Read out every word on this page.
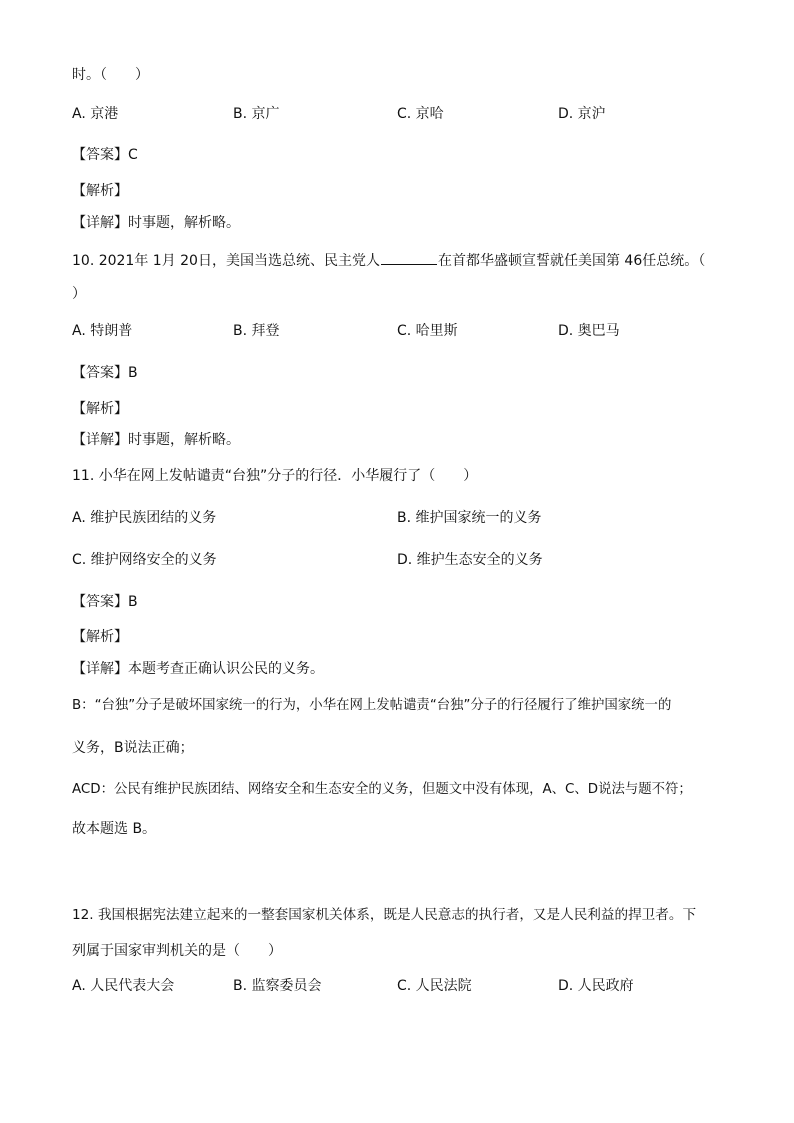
时。（　　）
A. 京港	B. 京广	C. 京哈	D. 京沪
【答案】C
【解析】
【详解】时事题，解析略。
10. 2021年 1月 20日，美国当选总统、民主党人	在首都华盛顿宣誓就任美国第 46任总统。（
）
A. 特朗普	B. 拜登	C. 哈里斯	D. 奥巴马
【答案】B
【解析】
【详解】时事题，解析略。
11. 小华在网上发帖谴责“台独”分子的行径．小华履行了（　　）
A. 维护民族团结的义务	B. 维护国家统一的义务
C. 维护网络安全的义务	D. 维护生态安全的义务
【答案】B
【解析】
【详解】本题考查正确认识公民的义务。
B：“台独”分子是破坏国家统一的行为，小华在网上发帖谴责“台独”分子的行径履行了维护国家统一的
义务，B说法正确；
ACD：公民有维护民族团结、网络安全和生态安全的义务，但题文中没有体现，A、C、D说法与题不符；
故本题选 B。
12. 我国根据宪法建立起来的一整套国家机关体系，既是人民意志的执行者，又是人民利益的捍卫者。下
列属于国家审判机关的是（　　）
A. 人民代表大会	B. 监察委员会	C. 人民法院	D. 人民政府
